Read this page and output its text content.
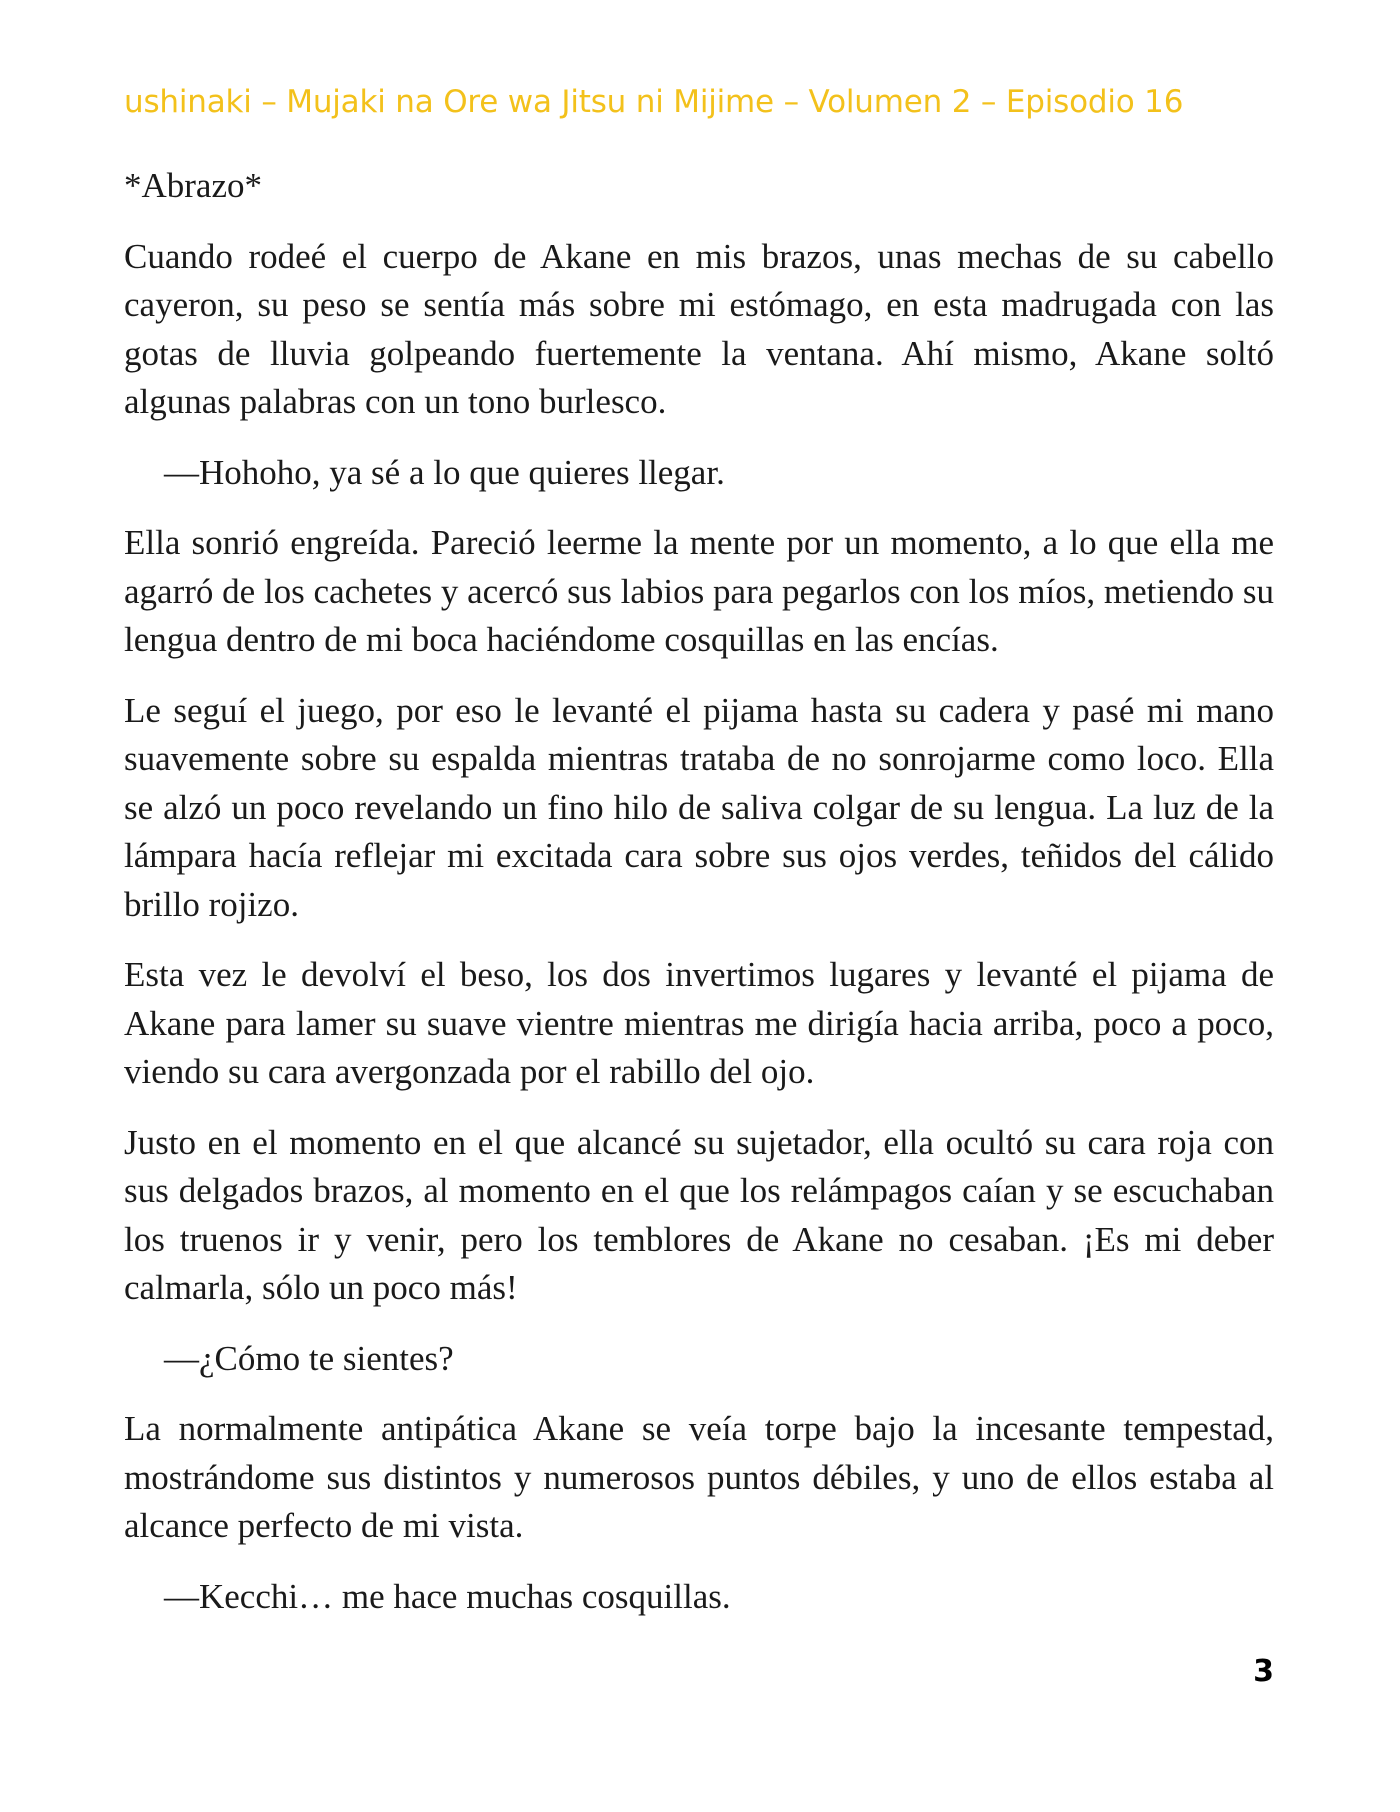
ushinaki – Mujaki na Ore wa Jitsu ni Mijime – Volumen 2 – Episodio 16

*Abrazo*

Cuando rodeé el cuerpo de Akane en mis brazos, unas mechas de su cabello cayeron, su peso se sentía más sobre mi estómago, en esta madrugada con las gotas de lluvia golpeando fuertemente la ventana. Ahí mismo, Akane soltó algunas palabras con un tono burlesco.

—Hohoho, ya sé a lo que quieres llegar.

Ella sonrió engreída. Pareció leerme la mente por un momento, a lo que ella me agarró de los cachetes y acercó sus labios para pegarlos con los míos, metiendo su lengua dentro de mi boca haciéndome cosquillas en las encías.

Le seguí el juego, por eso le levanté el pijama hasta su cadera y pasé mi mano suavemente sobre su espalda mientras trataba de no sonrojarme como loco. Ella se alzó un poco revelando un fino hilo de saliva colgar de su lengua. La luz de la lámpara hacía reflejar mi excitada cara sobre sus ojos verdes, teñidos del cálido brillo rojizo.

Esta vez le devolví el beso, los dos invertimos lugares y levanté el pijama de Akane para lamer su suave vientre mientras me dirigía hacia arriba, poco a poco, viendo su cara avergonzada por el rabillo del ojo.

Justo en el momento en el que alcancé su sujetador, ella ocultó su cara roja con sus delgados brazos, al momento en el que los relámpagos caían y se escuchaban los truenos ir y venir, pero los temblores de Akane no cesaban. ¡Es mi deber calmarla, sólo un poco más!

—¿Cómo te sientes?

La normalmente antipática Akane se veía torpe bajo la incesante tempestad, mostrándome sus distintos y numerosos puntos débiles, y uno de ellos estaba al alcance perfecto de mi vista.

—Kecchi… me hace muchas cosquillas.

3
